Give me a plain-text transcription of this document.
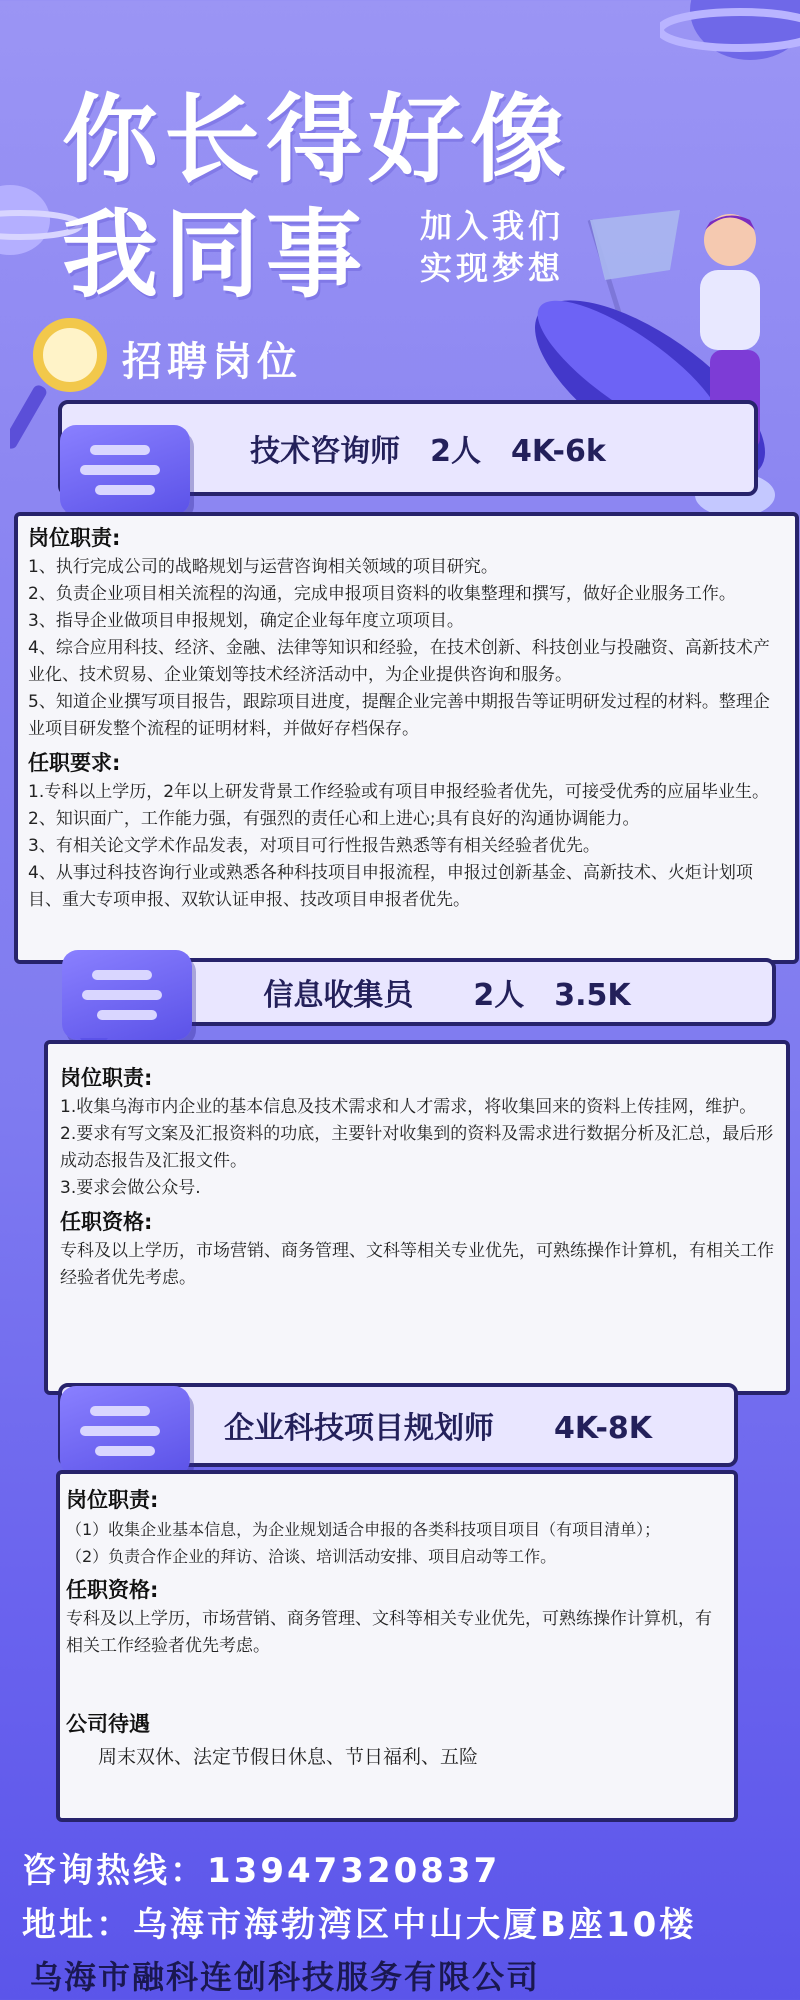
你长得好像
我同事 加入我们
实现梦想
招聘岗位
技术咨询师　2人　4K-6k

岗位职责:

1、执行完成公司的战略规划与运营咨询相关领域的项目研究。

2、负责企业项目相关流程的沟通，完成申报项目资料的收集整理和撰写，做好企业服务工作。

3、指导企业做项目申报规划，确定企业每年度立项项目。

4、综合应用科技、经济、金融、法律等知识和经验，在技术创新、科技创业与投融资、高新技术产业化、技术贸易、企业策划等技术经济活动中，为企业提供咨询和服务。

5、知道企业撰写项目报告，跟踪项目进度，提醒企业完善中期报告等证明研发过程的材料。整理企业项目研发整个流程的证明材料，并做好存档保存。

任职要求:

1.专科以上学历，2年以上研发背景工作经验或有项目申报经验者优先，可接受优秀的应届毕业生。

2、知识面广，工作能力强，有强烈的责任心和上进心;具有良好的沟通协调能力。

3、有相关论文学术作品发表，对项目可行性报告熟悉等有相关经验者优先。

4、从事过科技咨询行业或熟悉各种科技项目申报流程，申报过创新基金、高新技术、火炬计划项目、重大专项申报、双软认证申报、技改项目申报者优先。

信息收集员　　2人　3.5K

岗位职责:

1.收集乌海市内企业的基本信息及技术需求和人才需求，将收集回来的资料上传挂网，维护。

2.要求有写文案及汇报资料的功底，主要针对收集到的资料及需求进行数据分析及汇总，最后形成动态报告及汇报文件。

3.要求会做公众号.

任职资格:

专科及以上学历，市场营销、商务管理、文科等相关专业优先，可熟练操作计算机，有相关工作经验者优先考虑。

企业科技项目规划师　　4K-8K

岗位职责:

（1）收集企业基本信息，为企业规划适合申报的各类科技项目项目（有项目清单）；

（2）负责合作企业的拜访、洽谈、培训活动安排、项目启动等工作。

任职资格:

专科及以上学历，市场营销、商务管理、文科等相关专业优先，可熟练操作计算机，有相关工作经验者优先考虑。

公司待遇

周末双休、法定节假日休息、节日福利、五险

咨询热线：13947320837
地址：乌海市海勃湾区中山大厦B座10楼
乌海市融科连创科技服务有限公司
